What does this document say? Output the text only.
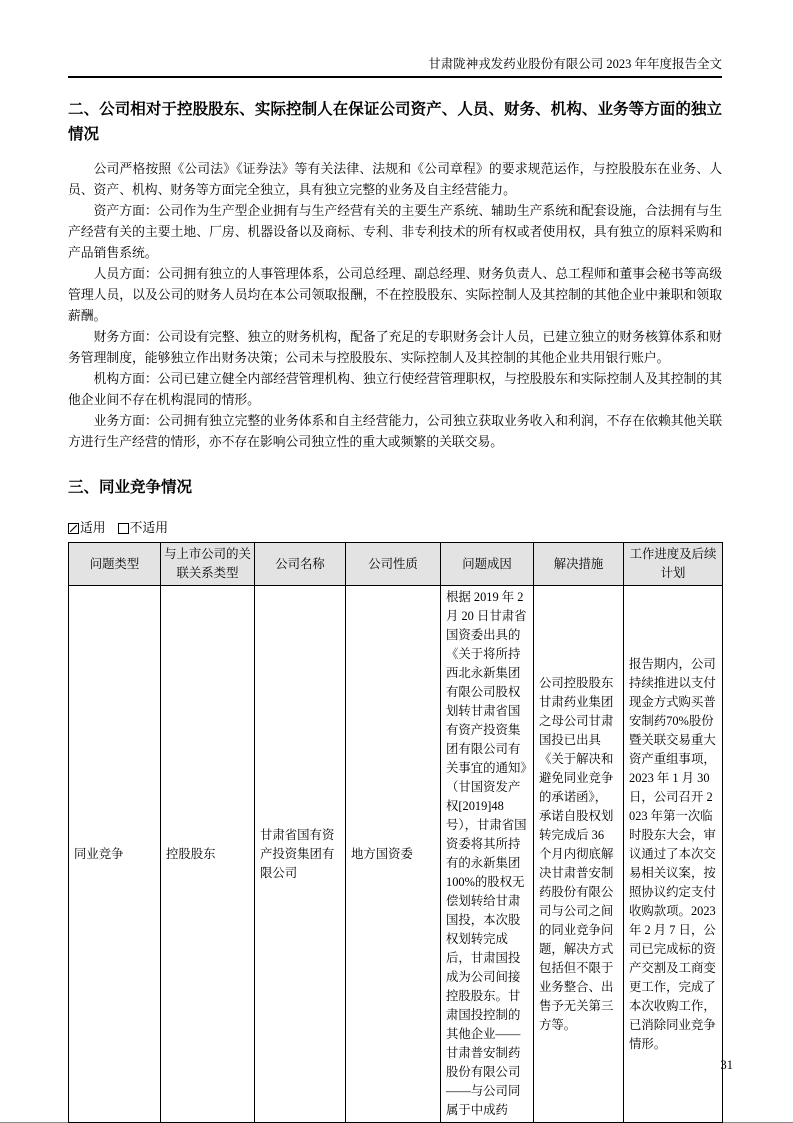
甘肃陇神戎发药业股份有限公司 2023 年年度报告全文
二、公司相对于控股股东、实际控制人在保证公司资产、人员、财务、机构、业务等方面的独立情况

公司严格按照《公司法》《证券法》等有关法律、法规和《公司章程》的要求规范运作，与控股股东在业务、人员、资产、机构、财务等方面完全独立，具有独立完整的业务及自主经营能力。

资产方面：公司作为生产型企业拥有与生产经营有关的主要生产系统、辅助生产系统和配套设施，合法拥有与生产经营有关的主要土地、厂房、机器设备以及商标、专利、非专利技术的所有权或者使用权，具有独立的原料采购和产品销售系统。

人员方面：公司拥有独立的人事管理体系，公司总经理、副总经理、财务负责人、总工程师和董事会秘书等高级管理人员，以及公司的财务人员均在本公司领取报酬，不在控股股东、实际控制人及其控制的其他企业中兼职和领取薪酬。

财务方面：公司设有完整、独立的财务机构，配备了充足的专职财务会计人员，已建立独立的财务核算体系和财务管理制度，能够独立作出财务决策；公司未与控股股东、实际控制人及其控制的其他企业共用银行账户。

机构方面：公司已建立健全内部经营管理机构、独立行使经营管理职权，与控股股东和实际控制人及其控制的其他企业间不存在机构混同的情形。

业务方面：公司拥有独立完整的业务体系和自主经营能力，公司独立获取业务收入和利润，不存在依赖其他关联方进行生产经营的情形，亦不存在影响公司独立性的重大或频繁的关联交易。

三、同业竞争情况
适用 不适用
问题类型	与上市公司的关联关系类型	公司名称	公司性质	问题成因	解决措施	工作进度及后续计划
同业竞争	控股股东	甘肃省国有资产投资集团有限公司	地方国资委	根据 2019 年 2 月 20 日甘肃省国资委出具的《关于将所持西北永新集团有限公司股权划转甘肃省国有资产投资集团有限公司有关事宜的通知》（甘国资发产权[2019]48 号），甘肃省国资委将其所持有的永新集团 100%的股权无偿划转给甘肃国投，本次股权划转完成后，甘肃国投成为公司间接控股股东。甘肃国投控制的其他企业——甘肃普安制药股份有限公司——与公司同属于中成药	公司控股股东甘肃药业集团之母公司甘肃国投已出具《关于解决和避免同业竞争的承诺函》，承诺自股权划转完成后 36 个月内彻底解决甘肃普安制药股份有限公司与公司之间的同业竞争问题，解决方式包括但不限于业务整合、出售予无关第三方等。	报告期内，公司持续推进以支付现金方式购买普安制药70%股份暨关联交易重大资产重组事项，2023 年 1 月 30 日，公司召开 2023 年第一次临时股东大会，审议通过了本次交易相关议案，按照协议约定支付收购款项。2023 年 2 月 7 日，公司已完成标的资产交割及工商变更工作，完成了本次收购工作，已消除同业竞争情形。
31
